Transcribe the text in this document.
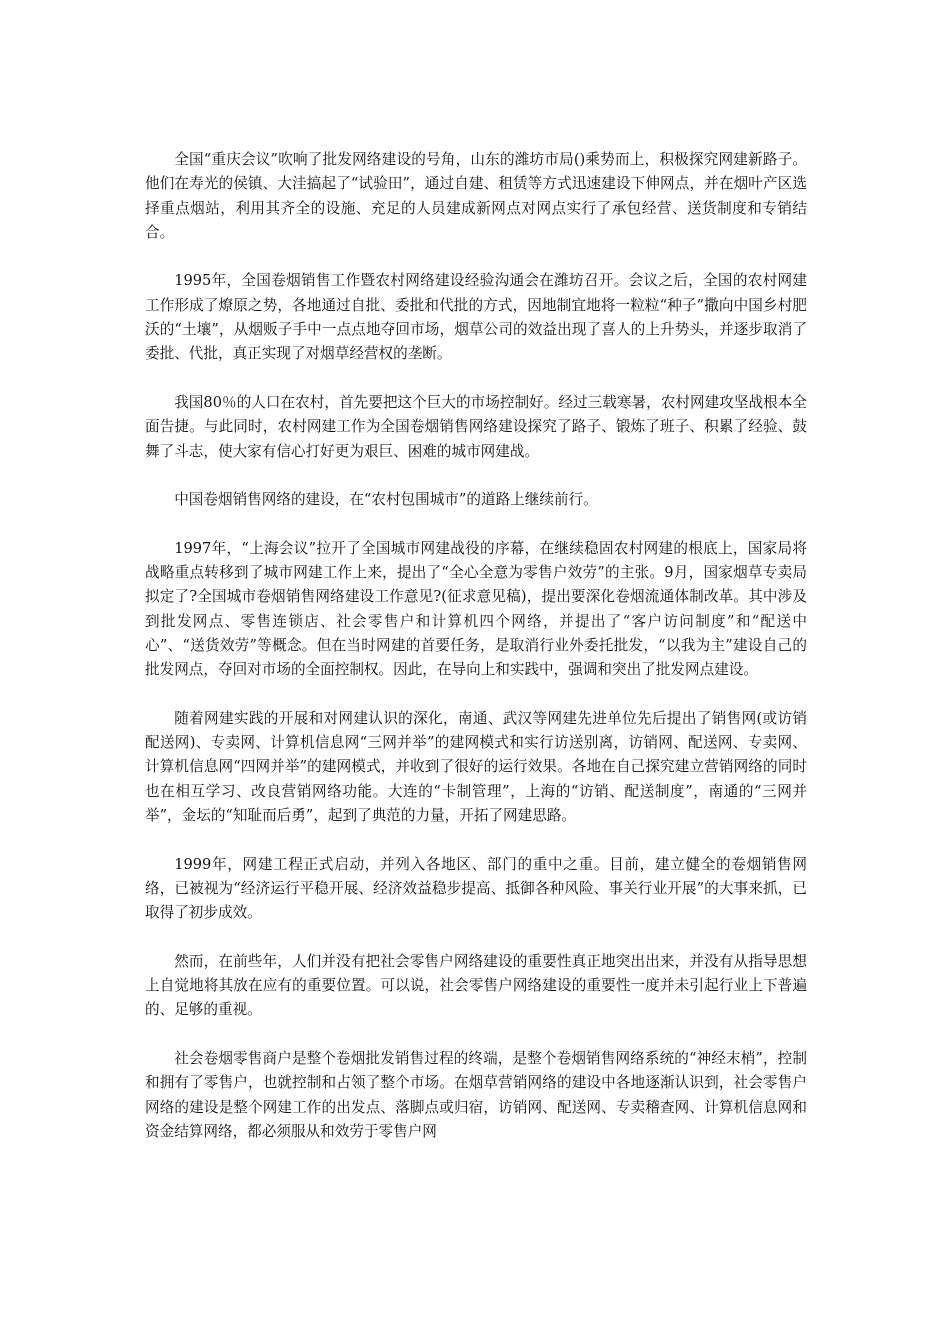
全国“重庆会议”吹响了批发网络建设的号角，山东的潍坊市局()乘势而上，积极探究网建新路子。他们在寿光的侯镇、大洼搞起了“试验田”，通过自建、租赁等方式迅速建设下伸网点，并在烟叶产区选择重点烟站，利用其齐全的设施、充足的人员建成新网点对网点实行了承包经营、送货制度和专销结合。

1995年，全国卷烟销售工作暨农村网络建设经验沟通会在潍坊召开。会议之后，全国的农村网建工作形成了燎原之势，各地通过自批、委批和代批的方式，因地制宜地将一粒粒“种子”撒向中国乡村肥沃的“土壤”，从烟贩子手中一点点地夺回市场，烟草公司的效益出现了喜人的上升势头，并逐步取消了委批、代批，真正实现了对烟草经营权的垄断。

我国80％的人口在农村，首先要把这个巨大的市场控制好。经过三载寒暑，农村网建攻坚战根本全面告捷。与此同时，农村网建工作为全国卷烟销售网络建设探究了路子、锻炼了班子、积累了经验、鼓舞了斗志，使大家有信心打好更为艰巨、困难的城市网建战。

中国卷烟销售网络的建设，在“农村包围城市”的道路上继续前行。

1997年，“上海会议”拉开了全国城市网建战役的序幕，在继续稳固农村网建的根底上，国家局将战略重点转移到了城市网建工作上来，提出了“全心全意为零售户效劳”的主张。9月，国家烟草专卖局拟定了?全国城市卷烟销售网络建设工作意见?(征求意见稿)，提出要深化卷烟流通体制改革。其中涉及到批发网点、零售连锁店、社会零售户和计算机四个网络，并提出了“客户访问制度”和“配送中心”、“送货效劳”等概念。但在当时网建的首要任务，是取消行业外委托批发，“以我为主”建设自己的批发网点，夺回对市场的全面控制权。因此，在导向上和实践中，强调和突出了批发网点建设。

随着网建实践的开展和对网建认识的深化，南通、武汉等网建先进单位先后提出了销售网(或访销配送网)、专卖网、计算机信息网“三网并举”的建网模式和实行访送别离，访销网、配送网、专卖网、计算机信息网“四网并举”的建网模式，并收到了很好的运行效果。各地在自己探究建立营销网络的同时也在相互学习、改良营销网络功能。大连的“卡制管理”，上海的“访销、配送制度”，南通的“三网并举”，金坛的“知耻而后勇”，起到了典范的力量，开拓了网建思路。

1999年，网建工程正式启动，并列入各地区、部门的重中之重。目前，建立健全的卷烟销售网络，已被视为“经济运行平稳开展、经济效益稳步提高、抵御各种风险、事关行业开展”的大事来抓，已取得了初步成效。

然而，在前些年，人们并没有把社会零售户网络建设的重要性真正地突出出来，并没有从指导思想上自觉地将其放在应有的重要位置。可以说，社会零售户网络建设的重要性一度并未引起行业上下普遍的、足够的重视。

社会卷烟零售商户是整个卷烟批发销售过程的终端，是整个卷烟销售网络系统的“神经末梢”，控制和拥有了零售户，也就控制和占领了整个市场。在烟草营销网络的建设中各地逐渐认识到，社会零售户网络的建设是整个网建工作的出发点、落脚点或归宿，访销网、配送网、专卖稽查网、计算机信息网和资金结算网络，都必须服从和效劳于零售户网
